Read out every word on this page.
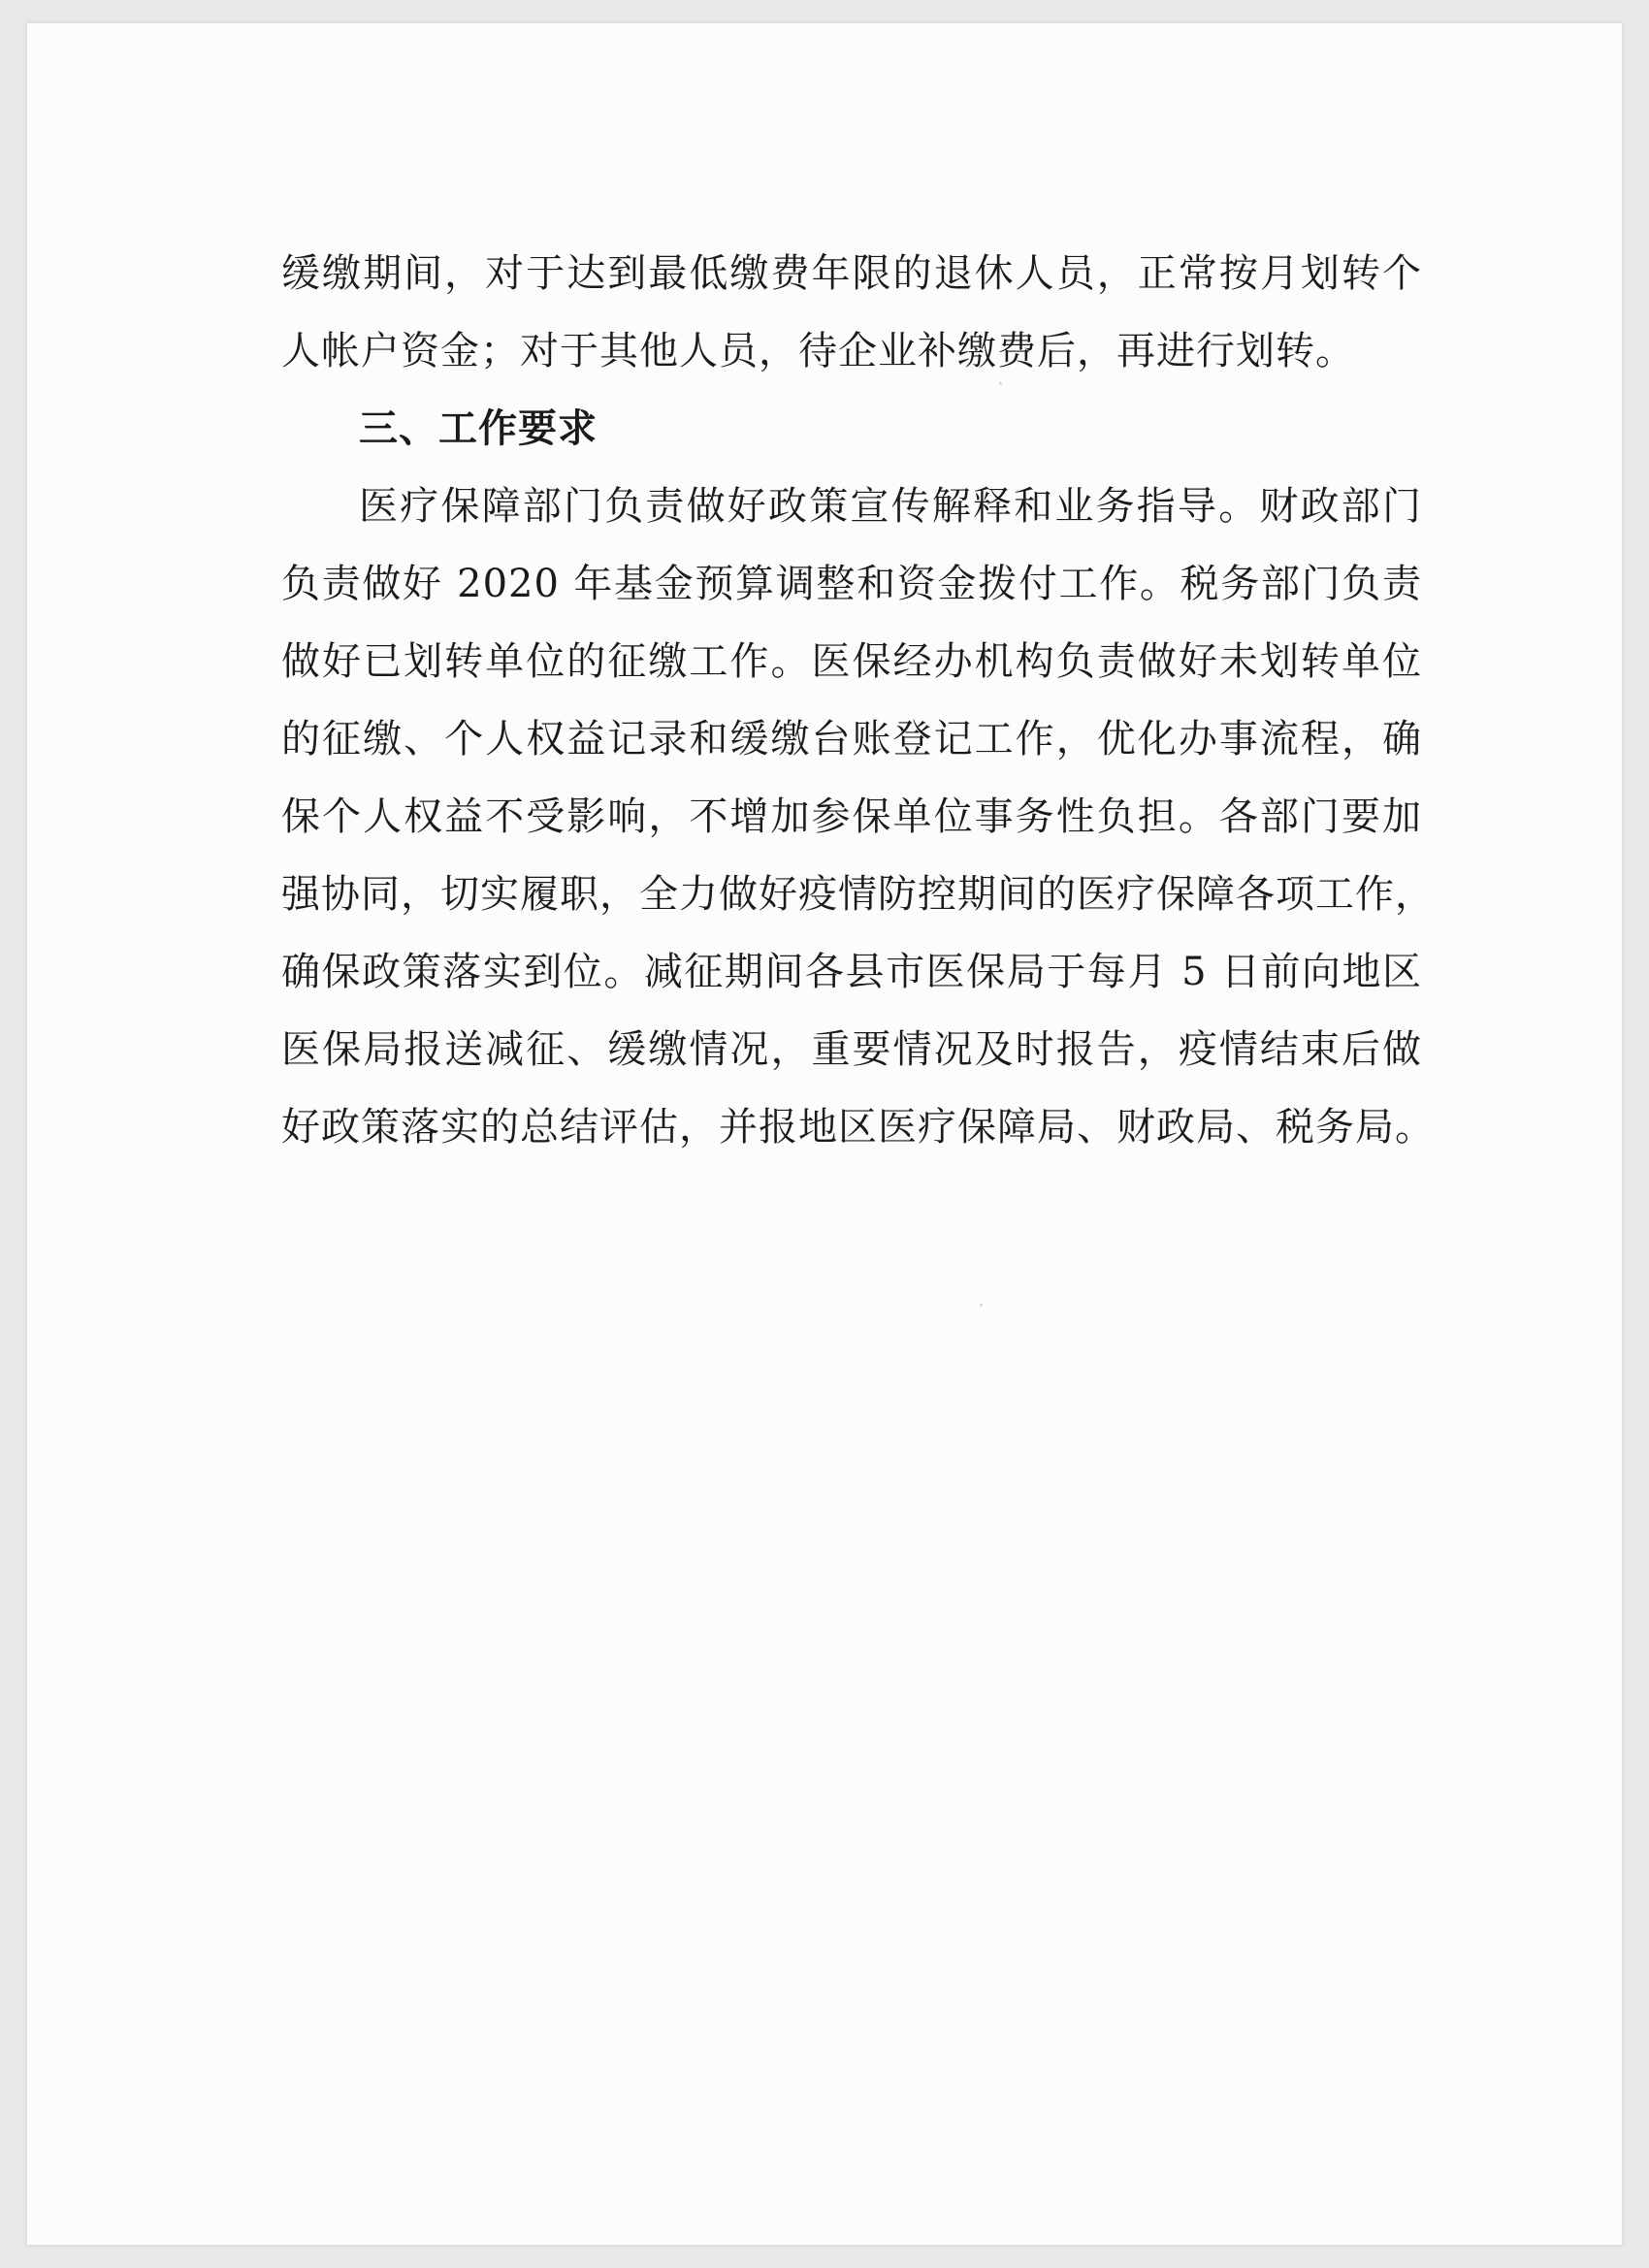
·
·
缓缴期间，对于达到最低缴费年限的退休人员，正常按月划转个
人帐户资金；对于其他人员，待企业补缴费后，再进行划转。
三、工作要求
医疗保障部门负责做好政策宣传解释和业务指导。财政部门
负责做好 2020 年基金预算调整和资金拨付工作。税务部门负责
做好已划转单位的征缴工作。医保经办机构负责做好未划转单位
的征缴、个人权益记录和缓缴台账登记工作，优化办事流程，确
保个人权益不受影响，不增加参保单位事务性负担。各部门要加
强协同，切实履职，全力做好疫情防控期间的医疗保障各项工作，
确保政策落实到位。减征期间各县市医保局于每月 5 日前向地区
医保局报送减征、缓缴情况，重要情况及时报告，疫情结束后做
好政策落实的总结评估，并报地区医疗保障局、财政局、税务局。
